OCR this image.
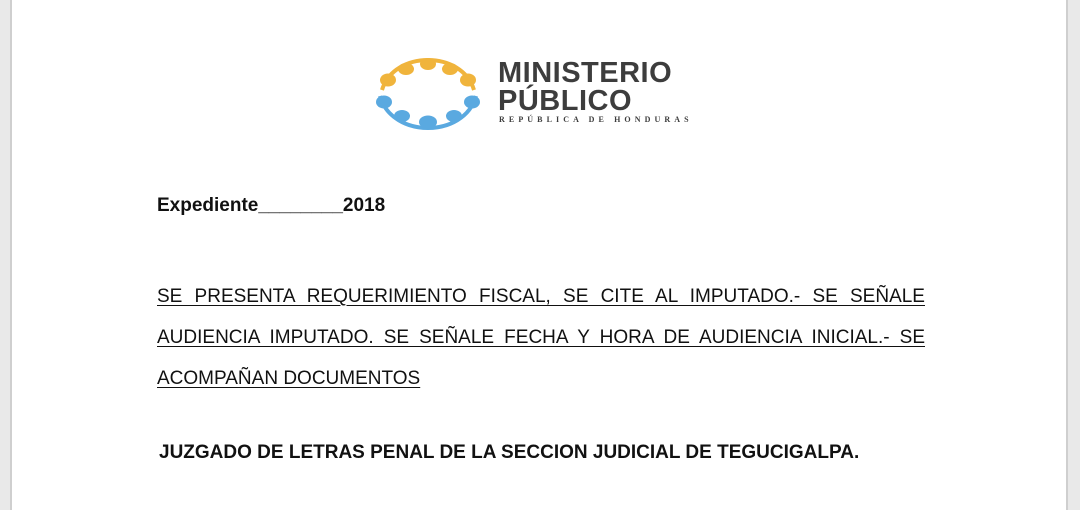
MINISTERIO
PÚBLICO
REPÚBLICA DE HONDURAS
Expediente________2018
SE PRESENTA REQUERIMIENTO FISCAL, SE CITE AL IMPUTADO.- SE SEÑALE
AUDIENCIA IMPUTADO. SE SEÑALE FECHA Y HORA DE AUDIENCIA INICIAL.- SE
ACOMPAÑAN DOCUMENTOS
JUZGADO DE LETRAS PENAL DE LA SECCION JUDICIAL DE TEGUCIGALPA.
